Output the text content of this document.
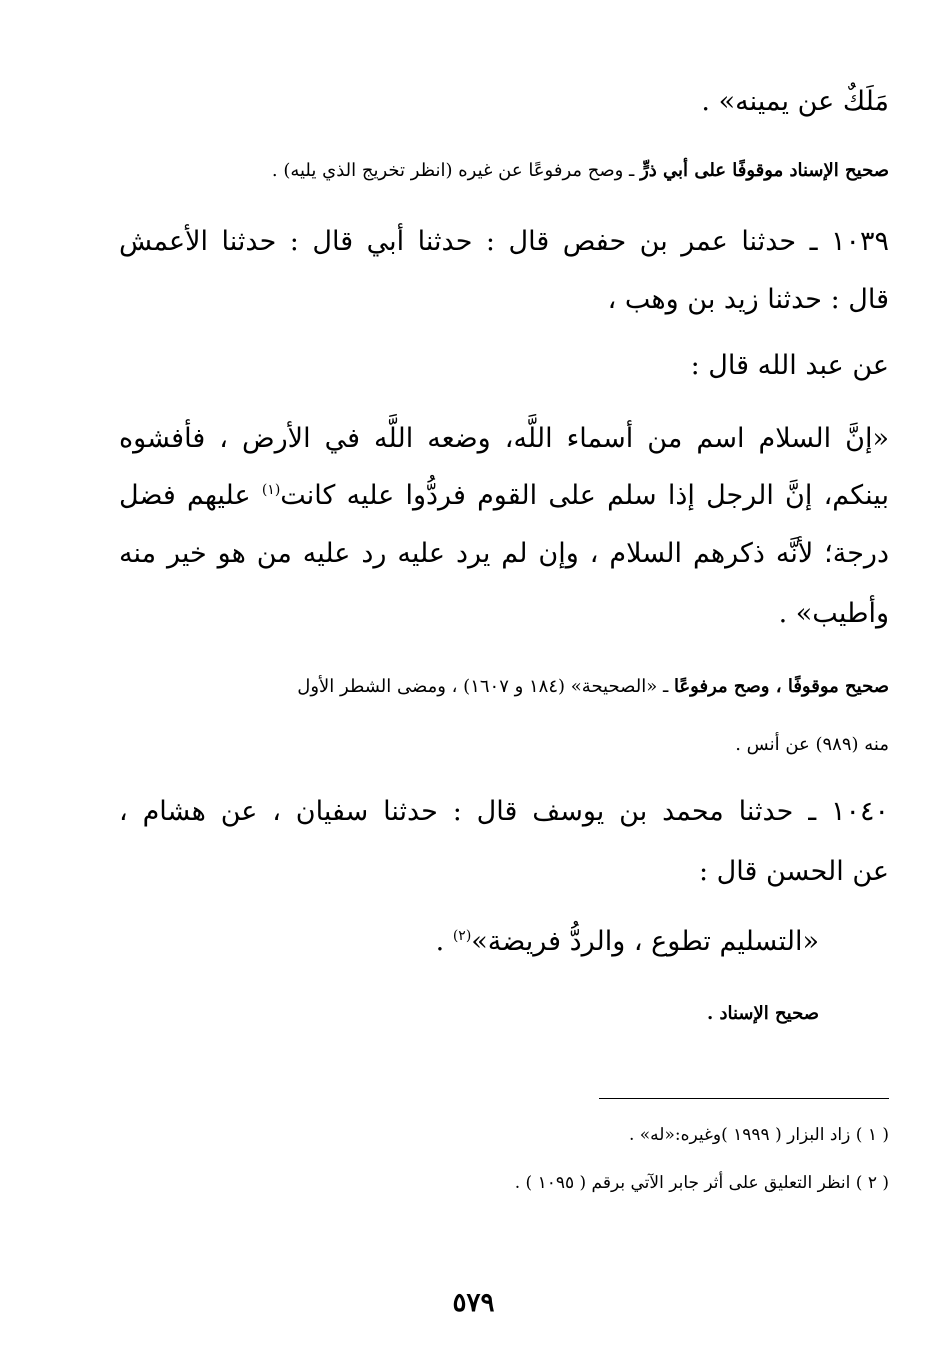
مَلَكٌ عن يمينه» .
صحيح الإسناد موقوفًا على أبي ذرٍّ ـ وصح مرفوعًا عن غيره (انظر تخريج الذي يليه) .
١٠٣٩ ـ حدثنا عمر بن حفص قال : حدثنا أبي قال : حدثنا الأعمش
قال : حدثنا زيد بن وهب ،
عن عبد الله قال :
«إنَّ السلام اسم من أسماء اللَّه، وضعه اللَّه في الأرض ، فأفشوه
بينكم، إنَّ الرجل إذا سلم على القوم فردُّوا عليه كانت$^{(١)}$ عليهم فضل
درجة؛ لأنَّه ذكرهم السلام ، وإن لم يرد عليه رد عليه من هو خير منه
وأطيب» .
صحيح موقوفًا ، وصح مرفوعًا ـ «الصحيحة» (١٨٤ و ١٦٠٧) ، ومضى الشطر الأول
منه (٩٨٩) عن أنس .
١٠٤٠ ـ حدثنا محمد بن يوسف قال : حدثنا سفيان ، عن هشام ،
عن الحسن قال :
«التسليم تطوع ، والردُّ فريضة»$^{(٢)}$ .
صحيح الإسناد .
( ١ ) زاد البزار ( ١٩٩٩ )وغيره:«له» .
( ٢ ) انظر التعليق على أثر جابر الآتي برقم ( ١٠٩٥ ) .
٥٧٩
